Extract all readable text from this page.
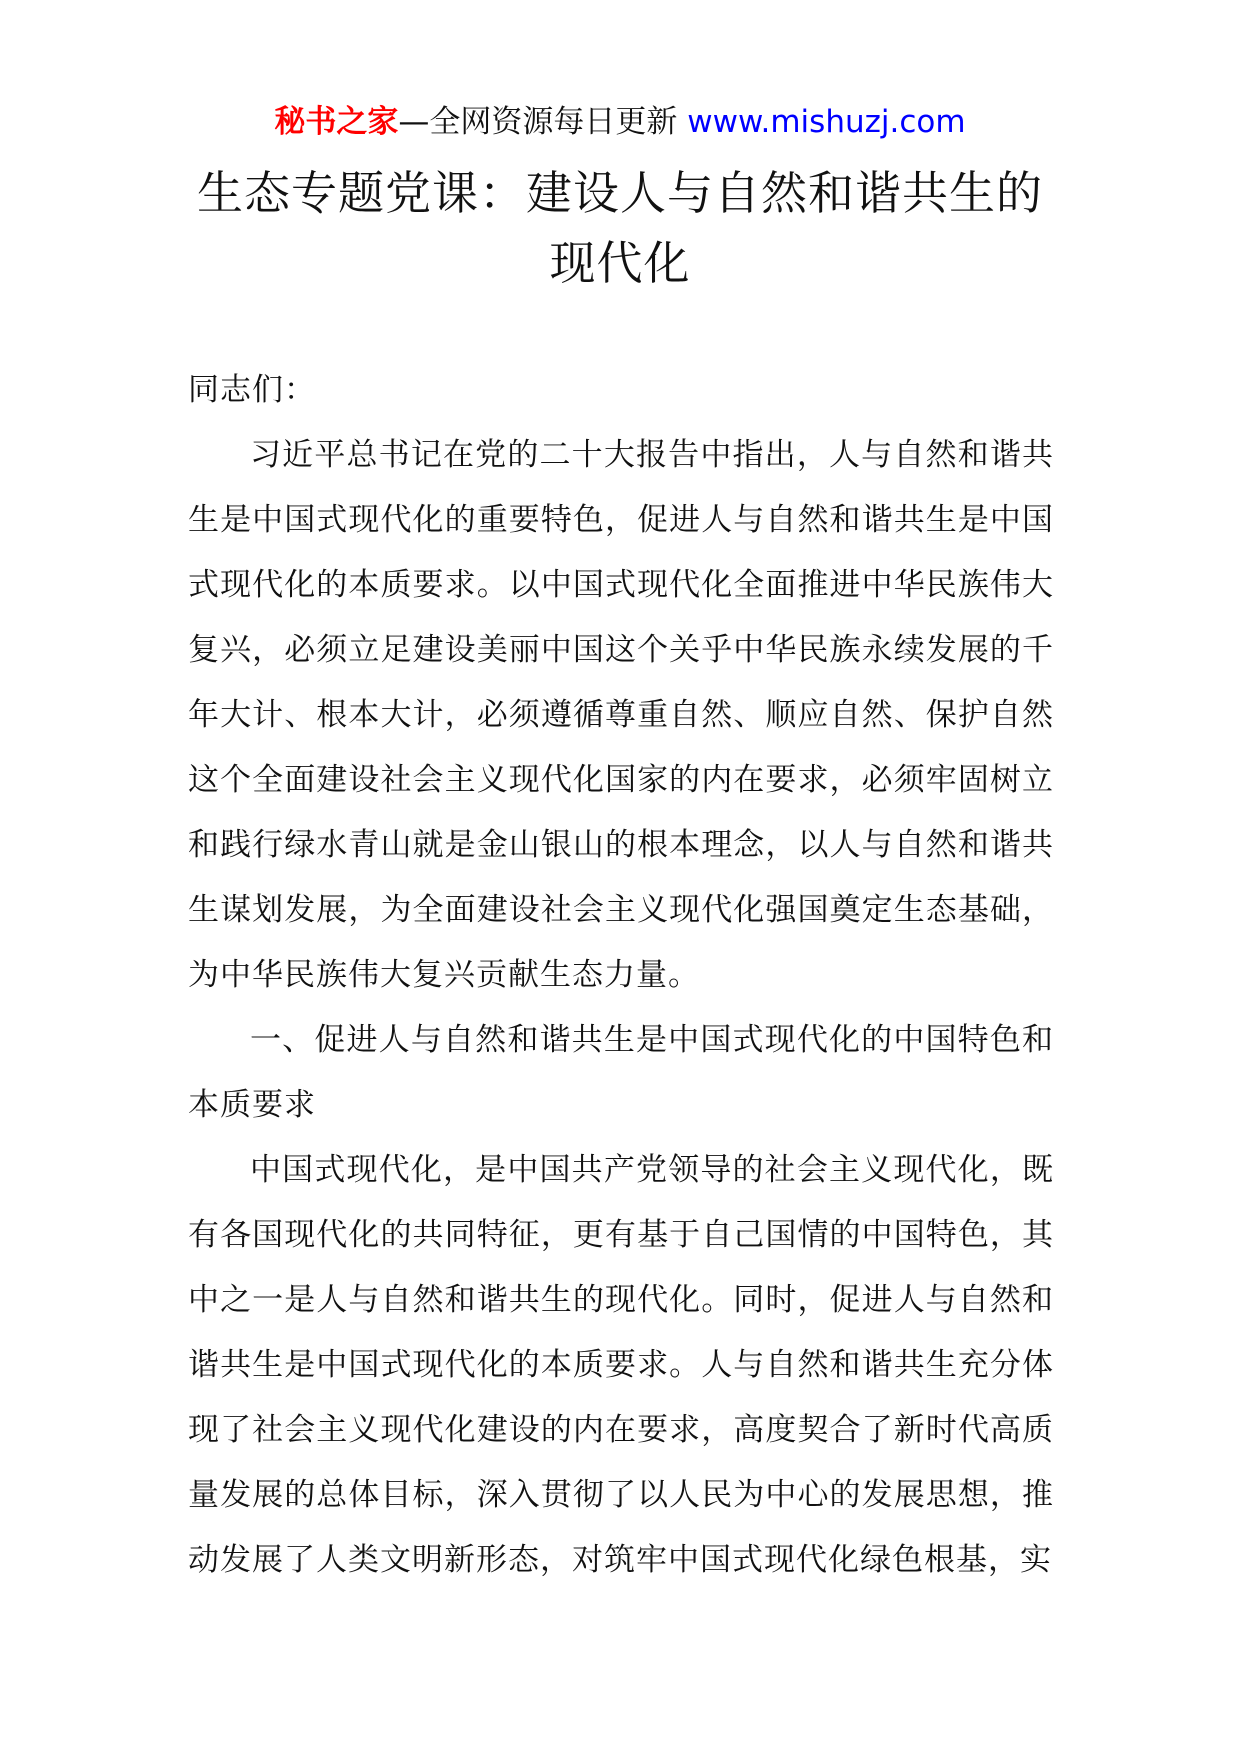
秘书之家—全网资源每日更新 www.mishuzj.com
生态专题党课：建设人与自然和谐共生的现代化

同志们：

习近平总书记在党的二十大报告中指出，人与自然和谐共生是中国式现代化的重要特色，促进人与自然和谐共生是中国式现代化的本质要求。以中国式现代化全面推进中华民族伟大复兴，必须立足建设美丽中国这个关乎中华民族永续发展的千年大计、根本大计，必须遵循尊重自然、顺应自然、保护自然这个全面建设社会主义现代化国家的内在要求，必须牢固树立和践行绿水青山就是金山银山的根本理念，以人与自然和谐共生谋划发展，为全面建设社会主义现代化强国奠定生态基础，为中华民族伟大复兴贡献生态力量。

一、促进人与自然和谐共生是中国式现代化的中国特色和本质要求

中国式现代化，是中国共产党领导的社会主义现代化，既有各国现代化的共同特征，更有基于自己国情的中国特色，其中之一是人与自然和谐共生的现代化。同时，促进人与自然和谐共生是中国式现代化的本质要求。人与自然和谐共生充分体现了社会主义现代化建设的内在要求，高度契合了新时代高质量发展的总体目标，深入贯彻了以人民为中心的发展思想，推动发展了人类文明新形态，对筑牢中国式现代化绿色根基，实
